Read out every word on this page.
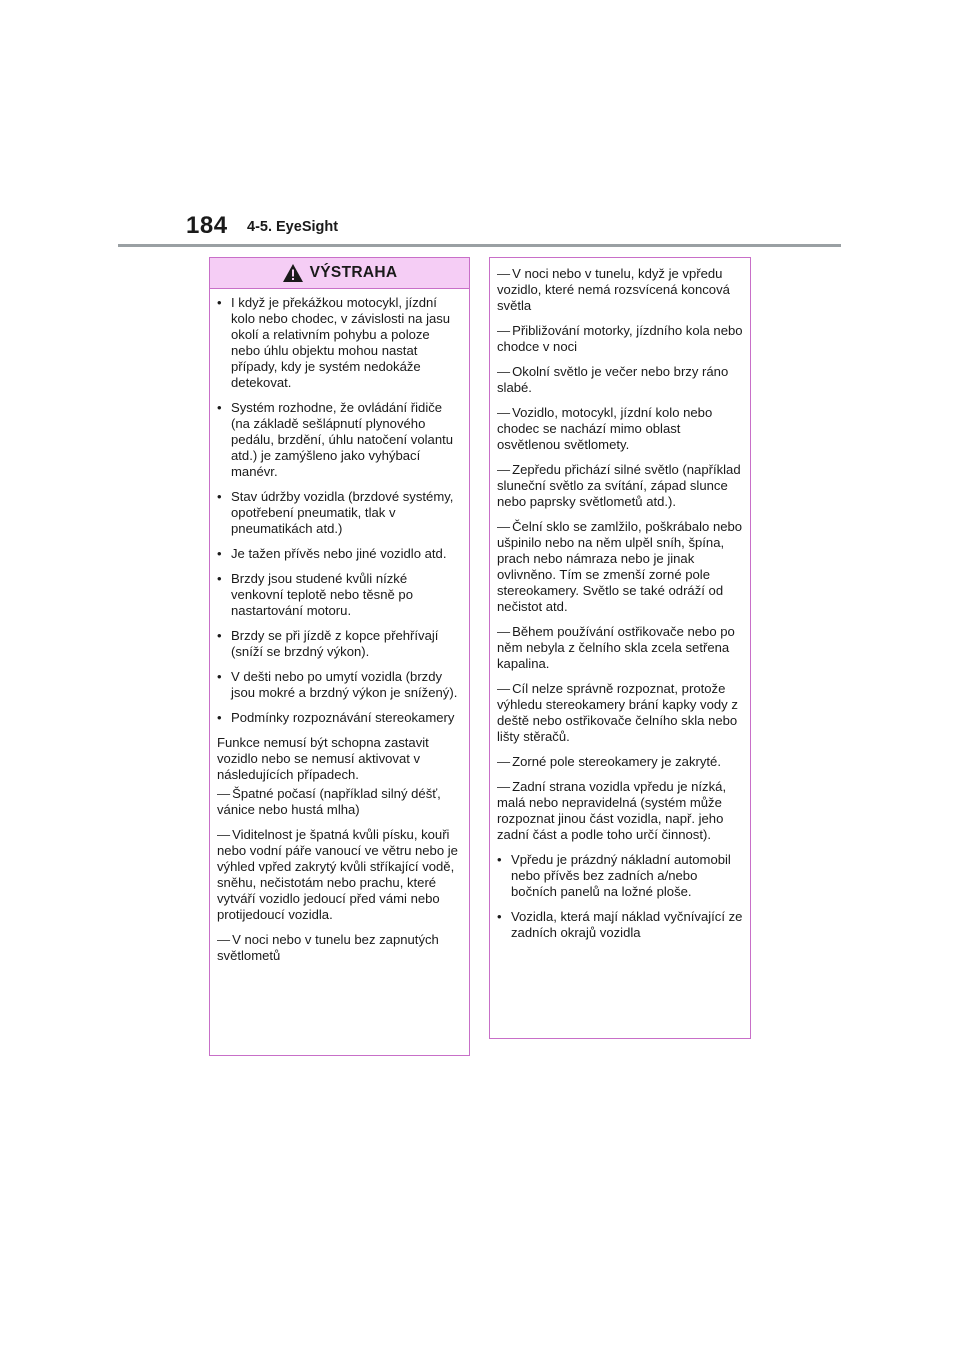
184 4-5. EyeSight
VÝSTRAHA

• I když je překážkou motocykl, jízdní kolo nebo chodec, v závislosti na jasu okolí a relativním pohybu a poloze nebo úhlu objektu mohou nastat případy, kdy je systém nedokáže detekovat.

• Systém rozhodne, že ovládání řidiče (na základě sešlápnutí plynového pedálu, brzdění, úhlu natočení volantu atd.) je zamýšleno jako vyhýbací manévr.

• Stav údržby vozidla (brzdové systémy, opotřebení pneumatik, tlak v pneumatikách atd.)

• Je tažen přívěs nebo jiné vozidlo atd.

• Brzdy jsou studené kvůli nízké venkovní teplotě nebo těsně po nastartování motoru.

• Brzdy se při jízdě z kopce přehřívají (sníží se brzdný výkon).

• V dešti nebo po umytí vozidla (brzdy jsou mokré a brzdný výkon je snížený).

• Podmínky rozpoznávání stereokamery

Funkce nemusí být schopna zastavit vozidlo nebo se nemusí aktivovat v následujících případech.

— Špatné počasí (například silný déšť, vánice nebo hustá mlha)

— Viditelnost je špatná kvůli písku, kouři nebo vodní páře vanoucí ve větru nebo je výhled vpřed zakrytý kvůli stříkající vodě, sněhu, nečistotám nebo prachu, které vytváří vozidlo jedoucí před vámi nebo protijedoucí vozidla.

— V noci nebo v tunelu bez zapnutých světlometů

— V noci nebo v tunelu, když je vpředu vozidlo, které nemá rozsvícená koncová světla

— Přibližování motorky, jízdního kola nebo chodce v noci

— Okolní světlo je večer nebo brzy ráno slabé.

— Vozidlo, motocykl, jízdní kolo nebo chodec se nachází mimo oblast osvětlenou světlomety.

— Zepředu přichází silné světlo (například sluneční světlo za svítání, západ slunce nebo paprsky světlometů atd.).

— Čelní sklo se zamlžilo, poškrábalo nebo ušpinilo nebo na něm ulpěl sníh, špína, prach nebo námraza nebo je jinak ovlivněno. Tím se zmenší zorné pole stereokamery. Světlo se také odráží od nečistot atd.

— Během používání ostřikovače nebo po něm nebyla z čelního skla zcela setřena kapalina.

— Cíl nelze správně rozpoznat, protože výhledu stereokamery brání kapky vody z deště nebo ostřikovače čelního skla nebo lišty stěračů.

— Zorné pole stereokamery je zakryté.

— Zadní strana vozidla vpředu je nízká, malá nebo nepravidelná (systém může rozpoznat jinou část vozidla, např. jeho zadní část a podle toho určí činnost).

• Vpředu je prázdný nákladní automobil nebo přívěs bez zadních a/nebo bočních panelů na ložné ploše.

• Vozidla, která mají náklad vyčnívající ze zadních okrajů vozidla
